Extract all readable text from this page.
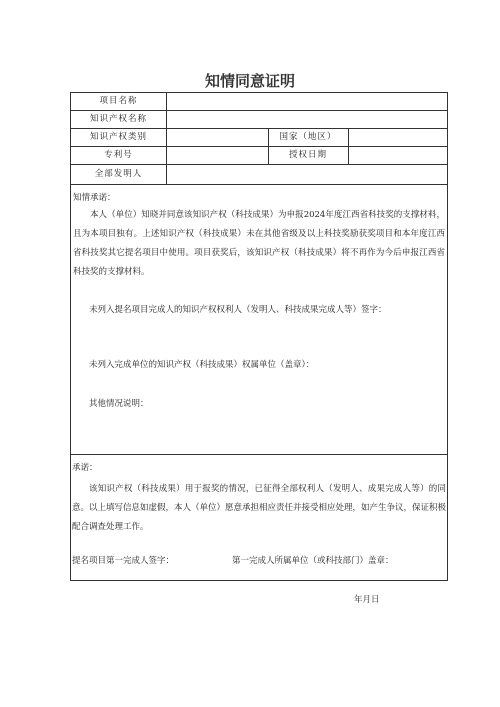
知情同意证明
项目名称
知识产权名称
知识产权类别	国家（地区）
专利号	授权日期
全部发明人
知情承诺：
本人（单位）知晓并同意该知识产权（科技成果）为申报2024年度江西省科技奖的支撑材料，且为本项目独有。上述知识产权（科技成果）未在其他省级及以上科技奖励获奖项目和本年度江西省科技奖其它提名项目中使用。项目获奖后，该知识产权（科技成果）将不再作为今后申报江西省科技奖的支撑材料。
未列入提名项目完成人的知识产权权利人（发明人、科技成果完成人等）签字：
未列入完成单位的知识产权（科技成果）权属单位（盖章）：
其他情况说明：
承诺：
该知识产权（科技成果）用于报奖的情况，已征得全部权利人（发明人、成果完成人等）的同意。以上填写信息如虚假，本人（单位）愿意承担相应责任并接受相应处理，如产生争议，保证积极配合调查处理工作。
提名项目第一完成人签字：	第一完成人所属单位（或科技部门）盖章：
年月日
